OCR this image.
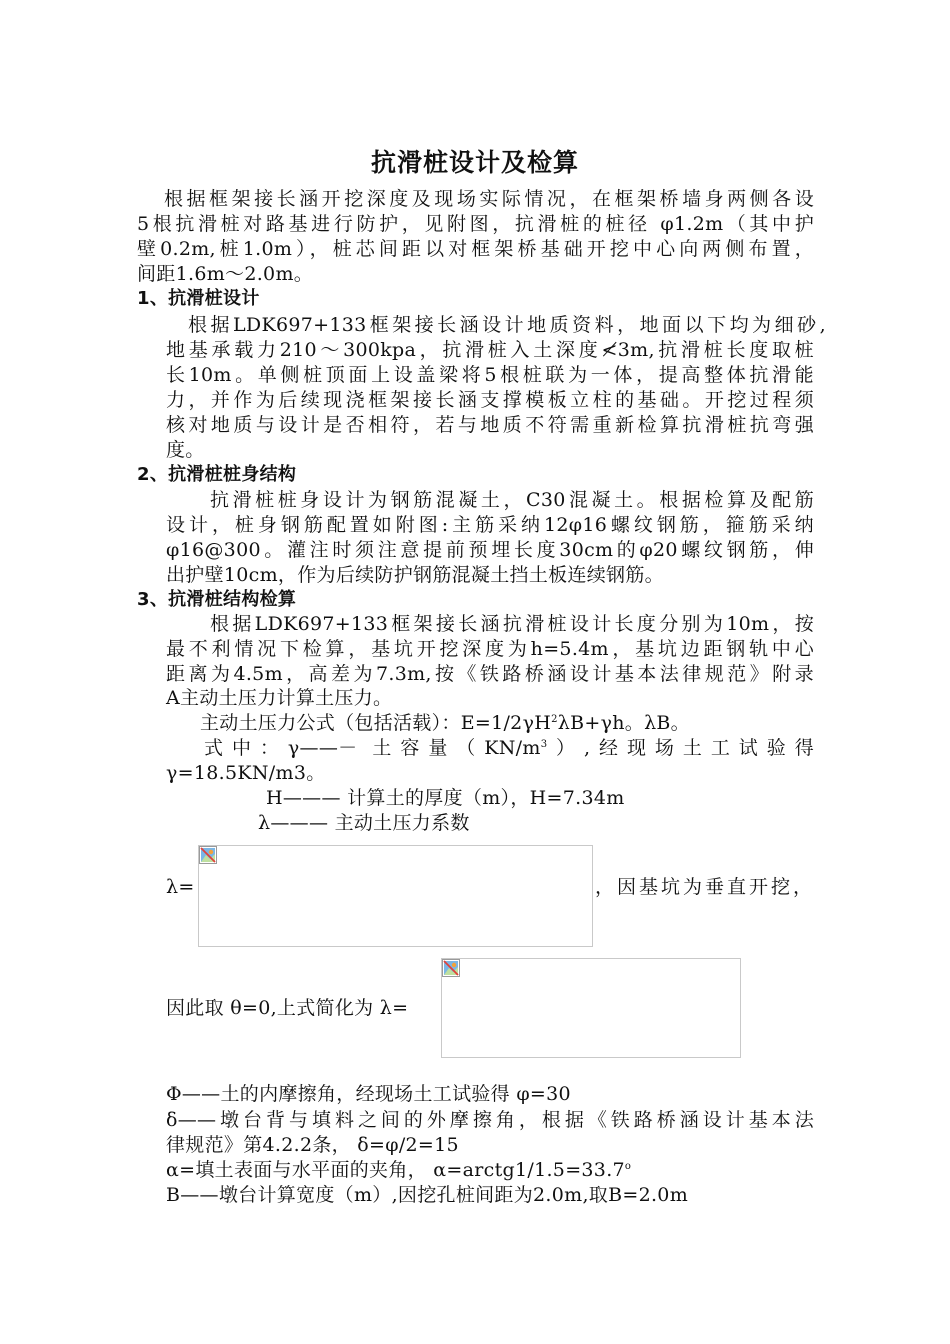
抗滑桩设计及检算
根据框架接长涵开挖深度及现场实际情况，在框架桥墙身两侧各设
5根抗滑桩对路基进行防护，见附图，抗滑桩的桩径 φ1.2m（其中护
壁0.2m,桩1.0m），桩芯间距以对框架桥基础开挖中心向两侧布置，
间距1.6m～2.0m。
1、抗滑桩设计
根据LDK697+133框架接长涵设计地质资料，地面以下均为细砂,
地基承载力210～300kpa，抗滑桩入土深度≮3m,抗滑桩长度取桩
长10m。单侧桩顶面上设盖梁将5根桩联为一体，提高整体抗滑能
力，并作为后续现浇框架接长涵支撑模板立柱的基础。开挖过程须
核对地质与设计是否相符，若与地质不符需重新检算抗滑桩抗弯强
度。
2、抗滑桩桩身结构
抗滑桩桩身设计为钢筋混凝土，C30混凝土。根据检算及配筋
设计，桩身钢筋配置如附图:主筋采纳12φ16螺纹钢筋，箍筋采纳
φ16@300。灌注时须注意提前预埋长度30cm的φ20螺纹钢筋，伸
出护壁10cm，作为后续防护钢筋混凝土挡土板连续钢筋。
3、抗滑桩结构检算
根据LDK697+133框架接长涵抗滑桩设计长度分别为10m，按
最不利情况下检算，基坑开挖深度为h=5.4m，基坑边距钢轨中心
距离为4.5m，高差为7.3m,按《铁路桥涵设计基本法律规范》附录
A主动土压力计算土压力。
主动土压力公式（包括活载）：$E=1/2\gamma H^2\lambda B+\gamma h$。λB。
式中：γ——－ 土容量$(KN/m^3)$,经现场土工试验得
γ=18.5KN/m3。
H——— 计算土的厚度（m），H=7.34m
λ——— 主动土压力系数
λ=	，因基坑为垂直开挖，
因此取 θ=0,上式简化为 λ=
Φ——土的内摩擦角，经现场土工试验得 φ=30
δ——墩台背与填料之间的外摩擦角，根据《铁路桥涵设计基本法
律规范》第4.2.2条， δ=φ/2=15
α=填土表面与水平面的夹角， $\alpha=arctg1/1.5=33.7^o$
B——墩台计算宽度（m）,因挖孔桩间距为2.0m,取B=2.0m
